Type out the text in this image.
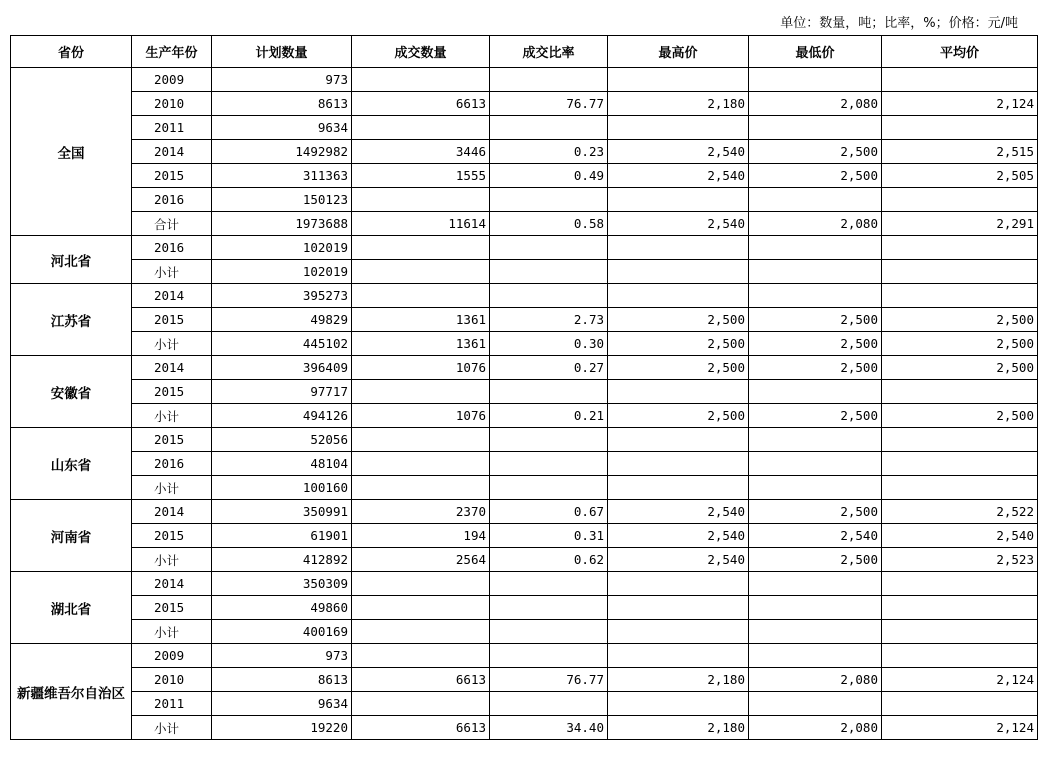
单位：数量，吨；比率，%；价格：元/吨
省份	生产年份	计划数量	成交数量	成交比率	最高价	最低价	平均价
全国	2009	973					
	2010	8613	6613	76.77	2,180	2,080	2,124
	2011	9634					
	2014	1492982	3446	0.23	2,540	2,500	2,515
	2015	311363	1555	0.49	2,540	2,500	2,505
	2016	150123					
	合计	1973688	11614	0.58	2,540	2,080	2,291
河北省	2016	102019					
	小计	102019					
江苏省	2014	395273					
	2015	49829	1361	2.73	2,500	2,500	2,500
	小计	445102	1361	0.30	2,500	2,500	2,500
安徽省	2014	396409	1076	0.27	2,500	2,500	2,500
	2015	97717					
	小计	494126	1076	0.21	2,500	2,500	2,500
山东省	2015	52056					
	2016	48104					
	小计	100160					
河南省	2014	350991	2370	0.67	2,540	2,500	2,522
	2015	61901	194	0.31	2,540	2,540	2,540
	小计	412892	2564	0.62	2,540	2,500	2,523
湖北省	2014	350309					
	2015	49860					
	小计	400169					
新疆维吾尔自治区	2009	973					
	2010	8613	6613	76.77	2,180	2,080	2,124
	2011	9634					
	小计	19220	6613	34.40	2,180	2,080	2,124
